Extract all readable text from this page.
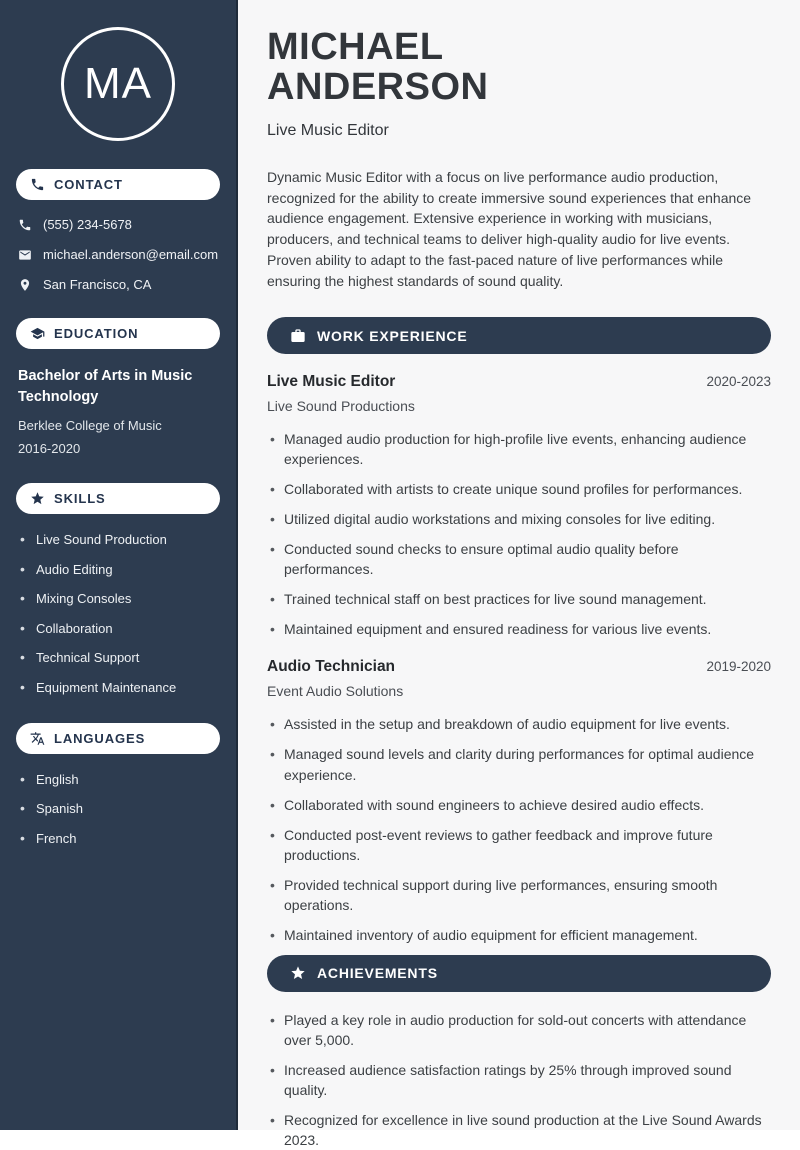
MA
CONTACT
(555) 234-5678
michael.anderson@email.com
San Francisco, CA
EDUCATION
Bachelor of Arts in Music Technology
Berklee College of Music
2016-2020
SKILLS
• Live Sound Production
• Audio Editing
• Mixing Consoles
• Collaboration
• Technical Support
• Equipment Maintenance
LANGUAGES
• English
• Spanish
• French
MICHAEL
ANDERSON
Live Music Editor

Dynamic Music Editor with a focus on live performance audio production, recognized for the ability to create immersive sound experiences that enhance audience engagement. Extensive experience in working with musicians, producers, and technical teams to deliver high-quality audio for live events. Proven ability to adapt to the fast-paced nature of live performances while ensuring the highest standards of sound quality.

WORK EXPERIENCE
Live Music Editor	2020-2023
Live Sound Productions
• Managed audio production for high-profile live events, enhancing audience experiences.
• Collaborated with artists to create unique sound profiles for performances.
• Utilized digital audio workstations and mixing consoles for live editing.
• Conducted sound checks to ensure optimal audio quality before performances.
• Trained technical staff on best practices for live sound management.
• Maintained equipment and ensured readiness for various live events.
Audio Technician	2019-2020
Event Audio Solutions
• Assisted in the setup and breakdown of audio equipment for live events.
• Managed sound levels and clarity during performances for optimal audience experience.
• Collaborated with sound engineers to achieve desired audio effects.
• Conducted post-event reviews to gather feedback and improve future productions.
• Provided technical support during live performances, ensuring smooth operations.
• Maintained inventory of audio equipment for efficient management.
ACHIEVEMENTS
• Played a key role in audio production for sold-out concerts with attendance over 5,000.
• Increased audience satisfaction ratings by 25% through improved sound quality.
• Recognized for excellence in live sound production at the Live Sound Awards 2023.
